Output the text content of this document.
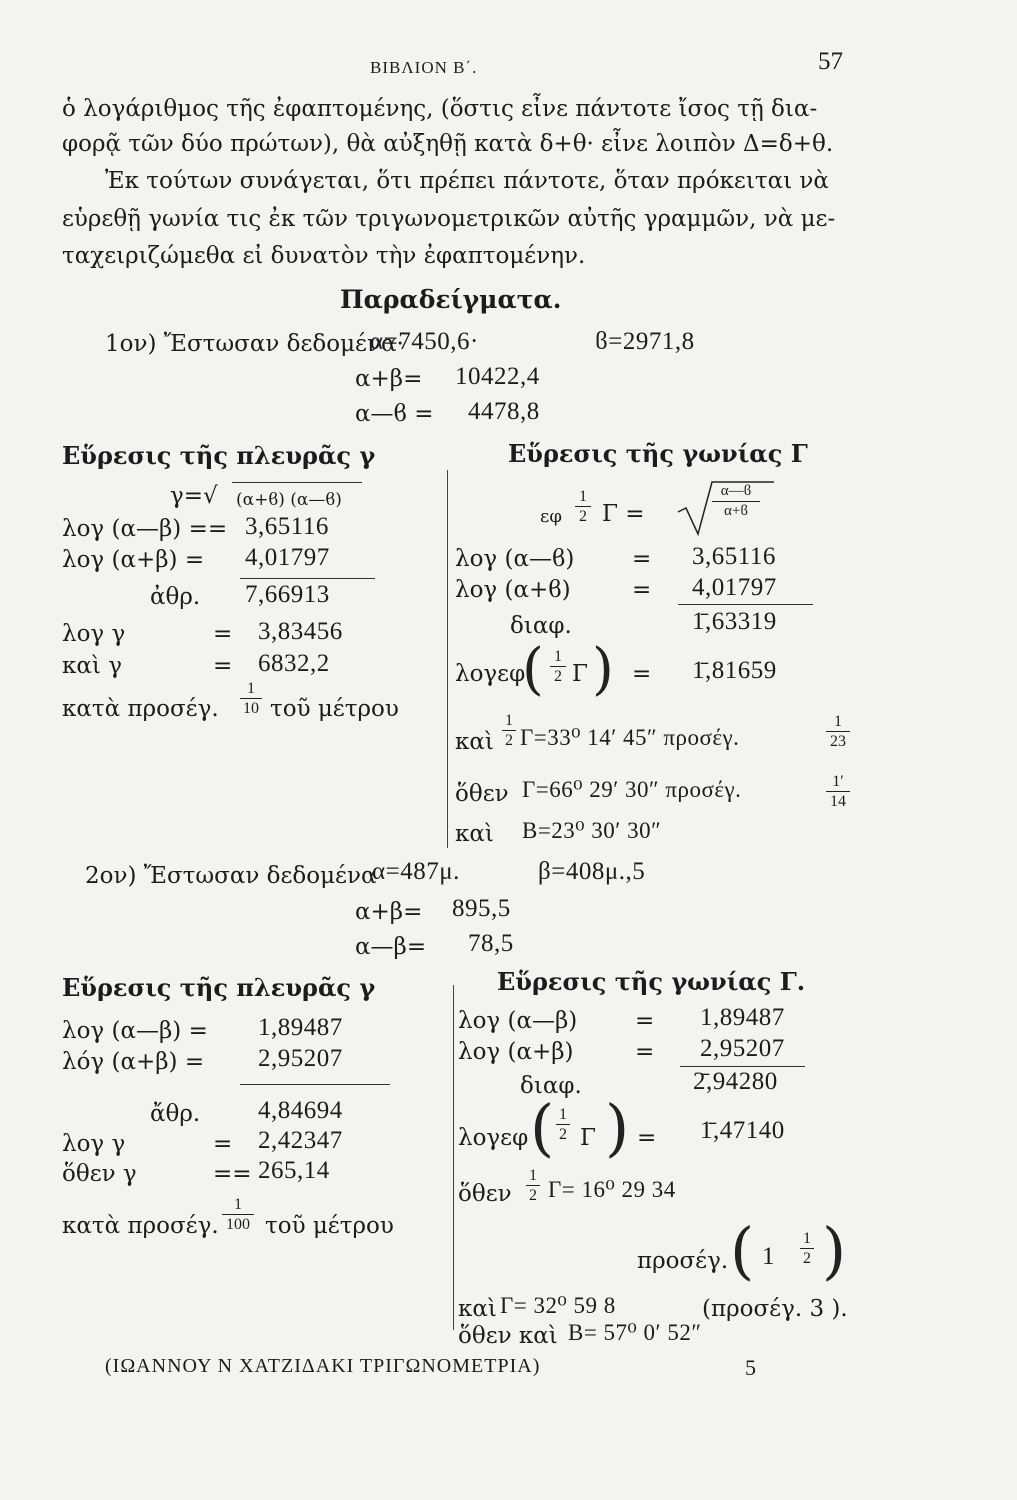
ΒΙΒΛΙΟΝ Β΄.	57
ὁ λογάριθμος τῆς ἐφαπτομένης, (ὅστις εἶνε πάντοτε ἴσος τῇ δια-
φορᾷ τῶν δύο πρώτων), θὰ αὐξηθῇ κατὰ δ+θ· εἶνε λοιπὸν Δ=δ+θ.
Ἐκ τούτων συνάγεται, ὅτι πρέπει πάντοτε, ὅταν πρόκειται νὰ
εὑρεθῇ γωνία τις ἐκ τῶν τριγωνομετρικῶν αὐτῆς γραμμῶν, νὰ με-
ταχειριζώμεθα εἰ δυνατὸν τὴν ἐφαπτομένην.
Παραδείγματα.
1ον) Ἔστωσαν δεδομένα·
α=7450,6·	ϐ=2971,8
α+β= 10422,4
α—ϐ = 4478,8
Εὕρεσις τῆς πλευρᾶς γ
γ=√ (α+ϐ) (α—ϐ)
λογ (α—β) == 3,65116
λογ (α+β) = 4,01797
ἀθρ. 7,66913
λογ γ	= 3,83456
καὶ γ	= 6832,2
κατὰ προσέγ.
1
10 τοῦ μέτρου
Εὕρεσις τῆς γωνίας Γ
εφ
1
2 Γ =
α—ϐ
α+ϐ
λογ (α—ϐ)	= 3,65116
λογ (α+ϐ)	= 4,01797
διαφ.	1̄,63319
λογεφ
( 1
2 Γ ) = 1̄,81659
καὶ
1
2 Γ=33⁰ 14′ 45″ προσέγ.
1
23
ὅθεν Γ=66⁰ 29′ 30″ προσέγ.	1′
14
καὶ Β=23⁰ 30′ 30″
2ον) Ἔστωσαν δεδομένα
α=487μ.	β=408μ.,5
α+β= 895,5
α—β= 78,5
Εὕρεσις τῆς πλευρᾶς γ
λογ (α—β) = 1,89487
λόγ (α+β) = 2,95207
ἄθρ. 4,84694
λογ γ	= 2,42347
ὅθεν γ	== 265,14
κατὰ προσέγ.
1
100 τοῦ μέτρου
Εὕρεσις τῆς γωνίας Γ.
λογ (α—β)	= 1,89487
λογ (α+β)	= 2,95207
διαφ.	2̄,94280
λογεφ ( 1
2 Γ ) = 1̄,47140
ὅθεν
1
2 Γ= 16⁰ 29 34
προσέγ. ( 1
1
2 )
καὶ Γ= 32⁰ 59 8	(προσέγ. 3 ).
ὅθεν καὶ Β= 57⁰ 0′ 52″
(ΙΩΑΝΝΟΥ Ν ΧΑΤΖΙΔΑΚΙ ΤΡΙΓΩΝΟΜΕΤΡΙΑ)	5
